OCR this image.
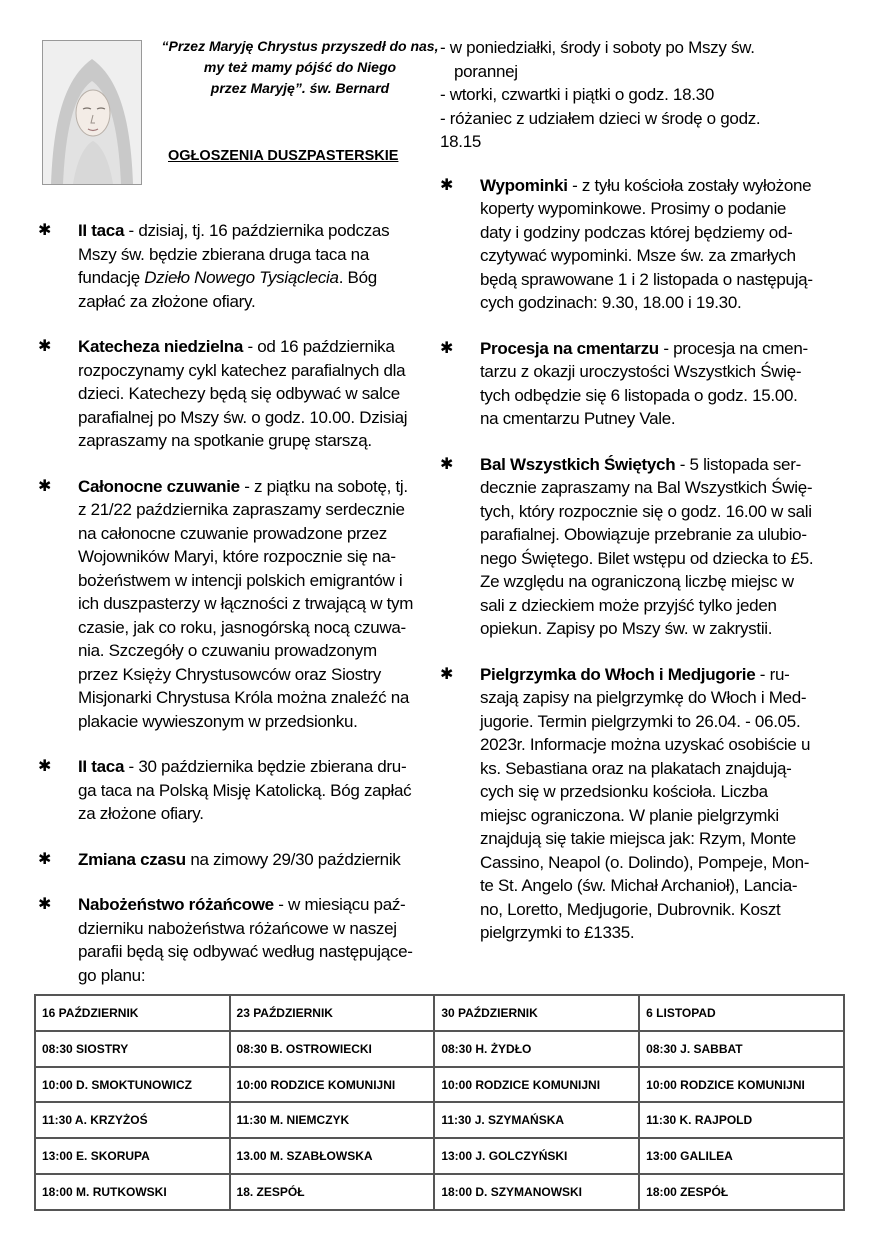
“Przez Maryję Chrystus przyszedł do nas,
my też mamy pójść do Niego
przez Maryję”. św. Bernard
OGŁOSZENIA DUSZPASTERSKIE
✱	II taca - dzisiaj, tj. 16 października podczas
Mszy św. będzie zbierana druga taca na
fundację Dzieło Nowego Tysiąclecia. Bóg
zapłać za złożone ofiary.
✱	Katecheza niedzielna - od 16 października
rozpoczynamy cykl katechez parafialnych dla
dzieci. Katechezy będą się odbywać w salce
parafialnej po Mszy św. o godz. 10.00. Dzisiaj
zapraszamy na spotkanie grupę starszą.
✱	Całonocne czuwanie - z piątku na sobotę, tj.
z 21/22 października zapraszamy serdecznie
na całonocne czuwanie prowadzone przez
Wojowników Maryi, które rozpocznie się na-
bożeństwem w intencji polskich emigrantów i
ich duszpasterzy w łączności z trwającą w tym
czasie, jak co roku, jasnogórską nocą czuwa-
nia. Szczegóły o czuwaniu prowadzonym
przez Księży Chrystusowców oraz Siostry
Misjonarki Chrystusa Króla można znaleźć na
plakacie wywieszonym w przedsionku.
✱	II taca - 30 października będzie zbierana dru-
ga taca na Polską Misję Katolicką. Bóg zapłać
za złożone ofiary.
✱	Zmiana czasu na zimowy 29/30 październik
✱	Nabożeństwo różańcowe - w miesiącu paź-
dzierniku nabożeństwa różańcowe w naszej
parafii będą się odbywać według następujące-
go planu:
- w poniedziałki, środy i soboty po Mszy św.
porannej
- wtorki, czwartki i piątki o godz. 18.30
- różaniec z udziałem dzieci w środę o godz.
18.15
✱	Wypominki - z tyłu kościoła zostały wyłożone
koperty wypominkowe. Prosimy o podanie
daty i godziny podczas której będziemy od-
czytywać wypominki. Msze św. za zmarłych
będą sprawowane 1 i 2 listopada o następują-
cych godzinach: 9.30, 18.00 i 19.30.
✱	Procesja na cmentarzu - procesja na cmen-
tarzu z okazji uroczystości Wszystkich Świę-
tych odbędzie się 6 listopada o godz. 15.00.
na cmentarzu Putney Vale.
✱	Bal Wszystkich Świętych - 5 listopada ser-
decznie zapraszamy na Bal Wszystkich Świę-
tych, który rozpocznie się o godz. 16.00 w sali
parafialnej. Obowiązuje przebranie za ulubio-
nego Świętego. Bilet wstępu od dziecka to £5.
Ze względu na ograniczoną liczbę miejsc w
sali z dzieckiem może przyjść tylko jeden
opiekun. Zapisy po Mszy św. w zakrystii.
✱	Pielgrzymka do Włoch i Medjugorie - ru-
szają zapisy na pielgrzymkę do Włoch i Med-
jugorie. Termin pielgrzymki to 26.04. - 06.05.
2023r. Informacje można uzyskać osobiście u
ks. Sebastiana oraz na plakatach znajdują-
cych się w przedsionku kościoła. Liczba
miejsc ograniczona. W planie pielgrzymki
znajdują się takie miejsca jak: Rzym, Monte
Cassino, Neapol (o. Dolindo), Pompeje, Mon-
te St. Angelo (św. Michał Archanioł), Lancia-
no, Loretto, Medjugorie, Dubrovnik. Koszt
pielgrzymki to £1335.
16 PAŹDZIERNIK	23 PAŹDZIERNIK	30 PAŹDZIERNIK	6 LISTOPAD
08:30 SIOSTRY	08:30 B. OSTROWIECKI	08:30 H. ŻYDŁO	08:30 J. SABBAT
10:00 D. SMOKTUNOWICZ	10:00 RODZICE KOMUNIJNI	10:00 RODZICE KOMUNIJNI	10:00 RODZICE KOMUNIJNI
11:30 A. KRZYŻOŚ	11:30 M. NIEMCZYK	11:30 J. SZYMAŃSKA	11:30 K. RAJPOLD
13:00 E. SKORUPA	13.00 M. SZABŁOWSKA	13:00 J. GOLCZYŃSKI	13:00 GALILEA
18:00 M. RUTKOWSKI	18. ZESPÓŁ	18:00 D. SZYMANOWSKI	18:00 ZESPÓŁ
